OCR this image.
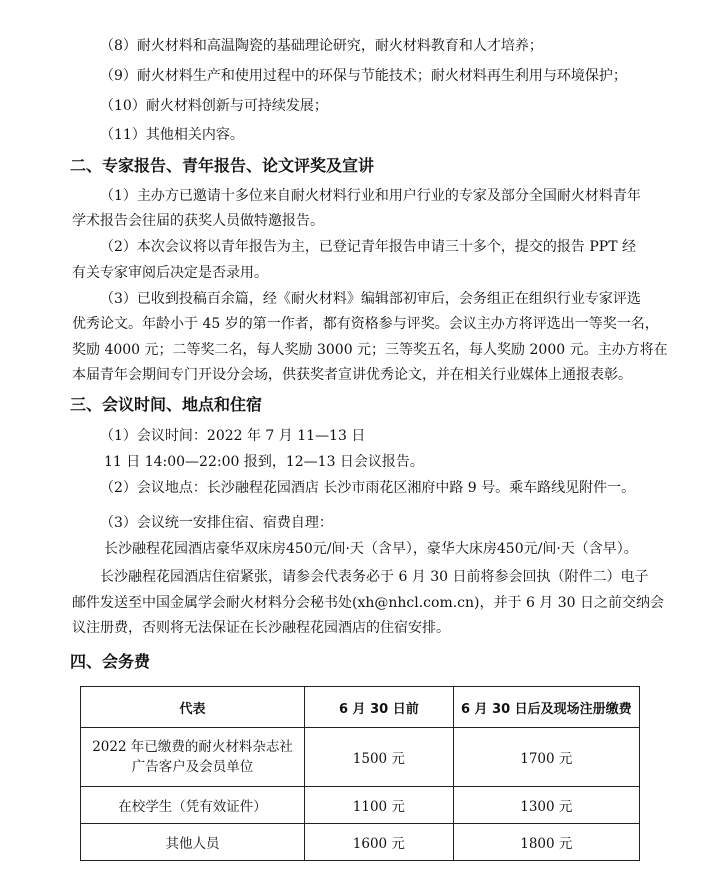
（8）耐火材料和高温陶瓷的基础理论研究，耐火材料教育和人才培养；
（9）耐火材料生产和使用过程中的环保与节能技术；耐火材料再生利用与环境保护；
（10）耐火材料创新与可持续发展；
（11）其他相关内容。
二、专家报告、青年报告、论文评奖及宣讲
（1）主办方已邀请十多位来自耐火材料行业和用户行业的专家及部分全国耐火材料青年
学术报告会往届的获奖人员做特邀报告。
（2）本次会议将以青年报告为主，已登记青年报告申请三十多个，提交的报告 PPT 经
有关专家审阅后决定是否录用。
（3）已收到投稿百余篇，经《耐火材料》编辑部初审后，会务组正在组织行业专家评选
优秀论文。年龄小于 45 岁的第一作者，都有资格参与评奖。会议主办方将评选出一等奖一名，
奖励 4000 元；二等奖二名，每人奖励 3000 元；三等奖五名，每人奖励 2000 元。主办方将在
本届青年会期间专门开设分会场，供获奖者宣讲优秀论文，并在相关行业媒体上通报表彰。
三、会议时间、地点和住宿
（1）会议时间：2022 年 7 月 11—13 日
11 日 14:00—22:00 报到，12—13 日会议报告。
（2）会议地点：长沙融程花园酒店 长沙市雨花区湘府中路 9 号。乘车路线见附件一。
（3）会议统一安排住宿、宿费自理：
长沙融程花园酒店豪华双床房450元/间·天（含早），豪华大床房450元/间·天（含早）。
长沙融程花园酒店住宿紧张，请参会代表务必于 6 月 30 日前将参会回执（附件二）电子
邮件发送至中国金属学会耐火材料分会秘书处(xh@nhcl.com.cn)，并于 6 月 30 日之前交纳会
议注册费，否则将无法保证在长沙融程花园酒店的住宿安排。
四、会务费
代表	6 月 30 日前	6 月 30 日后及现场注册缴费

2022 年已缴费的耐火材料杂志社
广告客户及会员单位	1500 元	1700 元
在校学生（凭有效证件）	1100 元	1300 元
其他人员	1600 元	1800 元
